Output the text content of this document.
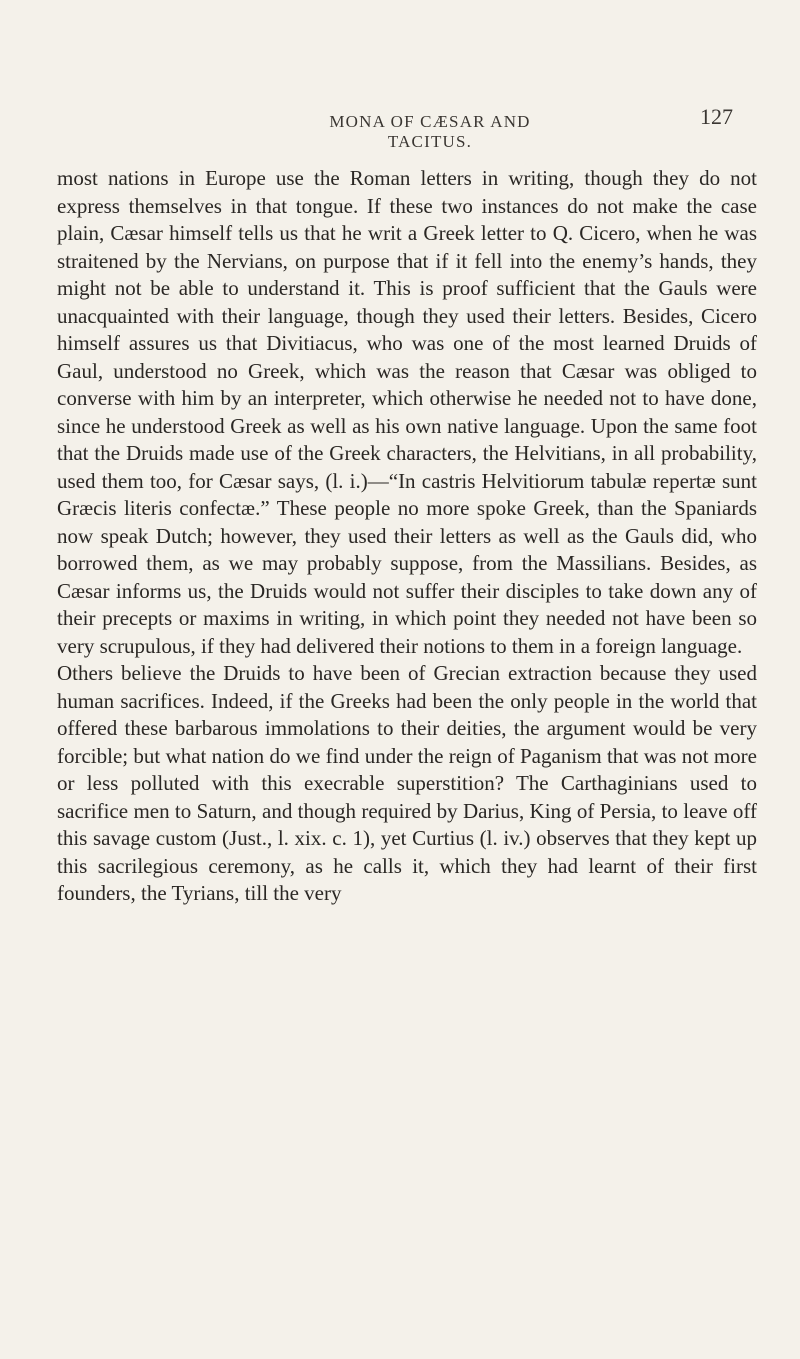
MONA OF CÆSAR AND TACITUS.
127

most nations in Europe use the Roman letters in writing, though they do not express themselves in that tongue. If these two instances do not make the case plain, Cæsar himself tells us that he writ a Greek letter to Q. Cicero, when he was straitened by the Nervians, on purpose that if it fell into the enemy’s hands, they might not be able to understand it. This is proof sufficient that the Gauls were unacquainted with their language, though they used their letters. Besides, Cicero himself assures us that Divitiacus, who was one of the most learned Druids of Gaul, understood no Greek, which was the reason that Cæsar was obliged to converse with him by an interpreter, which otherwise he needed not to have done, since he understood Greek as well as his own native language. Upon the same foot that the Druids made use of the Greek characters, the Helvitians, in all probability, used them too, for Cæsar says, (l. i.)—“In castris Helvitiorum tabulæ repertæ sunt Græcis literis confectæ.” These people no more spoke Greek, than the Spaniards now speak Dutch; however, they used their letters as well as the Gauls did, who borrowed them, as we may probably suppose, from the Massilians. Besides, as Cæsar informs us, the Druids would not suffer their disciples to take down any of their precepts or maxims in writing, in which point they needed not have been so very scrupulous, if they had delivered their notions to them in a foreign language.

Others believe the Druids to have been of Grecian extraction because they used human sacrifices. Indeed, if the Greeks had been the only people in the world that offered these barbarous immolations to their deities, the argument would be very forcible; but what nation do we find under the reign of Paganism that was not more or less polluted with this execrable superstition? The Carthaginians used to sacrifice men to Saturn, and though required by Darius, King of Persia, to leave off this savage custom (Just., l. xix. c. 1), yet Curtius (l. iv.) observes that they kept up this sacrilegious ceremony, as he calls it, which they had learnt of their first founders, the Tyrians, till the very
